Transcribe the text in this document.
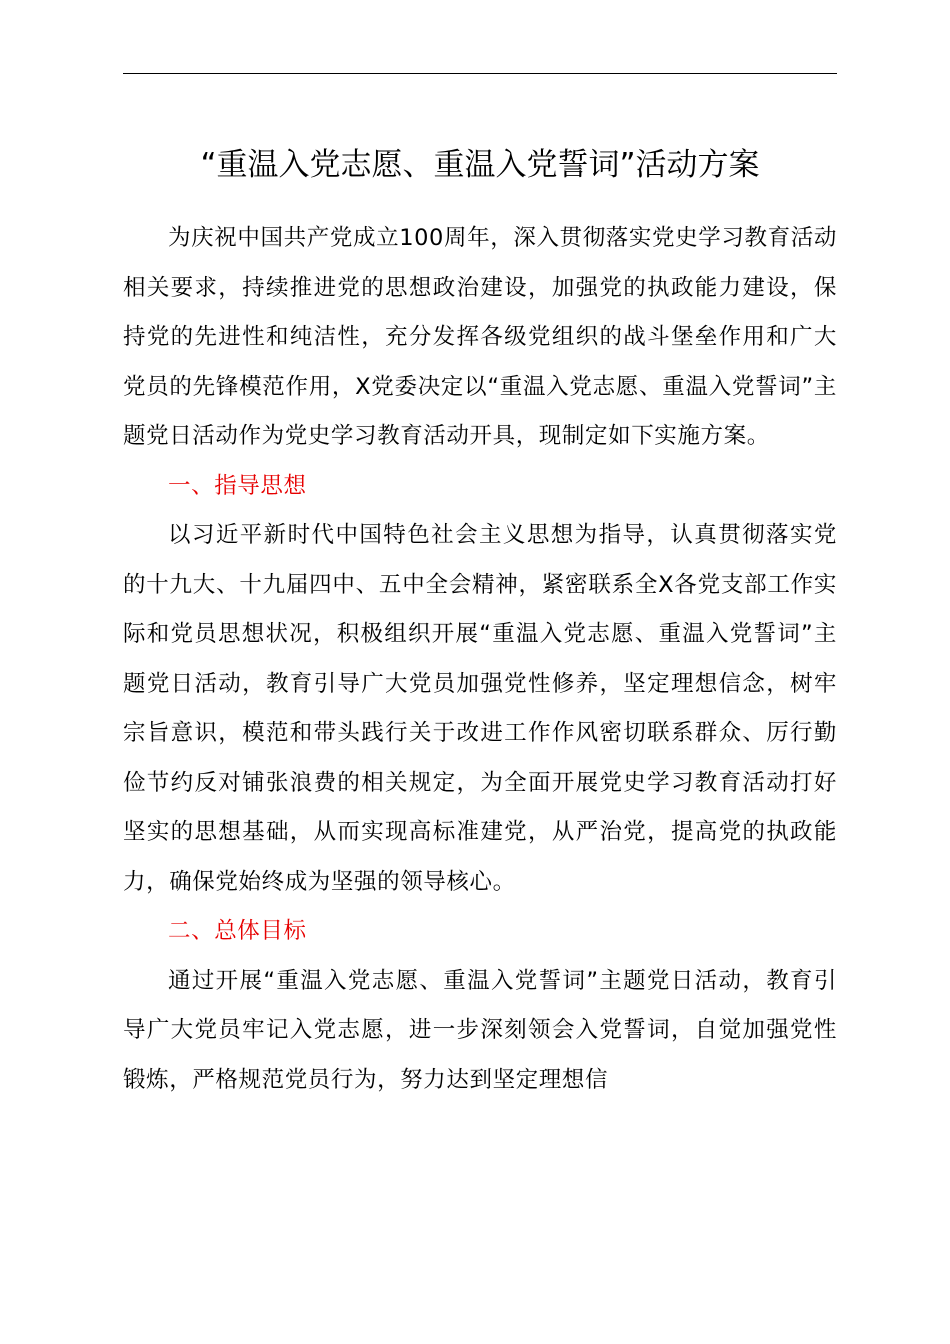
“重温入党志愿、重温入党誓词”活动方案

为庆祝中国共产党成立100周年，深入贯彻落实党史学习教育活动相关要求，持续推进党的思想政治建设，加强党的执政能力建设，保持党的先进性和纯洁性，充分发挥各级党组织的战斗堡垒作用和广大党员的先锋模范作用，X党委决定以“重温入党志愿、重温入党誓词”主题党日活动作为党史学习教育活动开具，现制定如下实施方案。

一、指导思想

以习近平新时代中国特色社会主义思想为指导，认真贯彻落实党的十九大、十九届四中、五中全会精神，紧密联系全X各党支部工作实际和党员思想状况，积极组织开展“重温入党志愿、重温入党誓词”主题党日活动，教育引导广大党员加强党性修养，坚定理想信念，树牢宗旨意识，模范和带头践行关于改进工作作风密切联系群众、厉行勤俭节约反对铺张浪费的相关规定，为全面开展党史学习教育活动打好坚实的思想基础，从而实现高标准建党，从严治党，提高党的执政能力，确保党始终成为坚强的领导核心。

二、总体目标

通过开展“重温入党志愿、重温入党誓词”主题党日活动，教育引导广大党员牢记入党志愿，进一步深刻领会入党誓词，自觉加强党性锻炼，严格规范党员行为，努力达到坚定理想信
